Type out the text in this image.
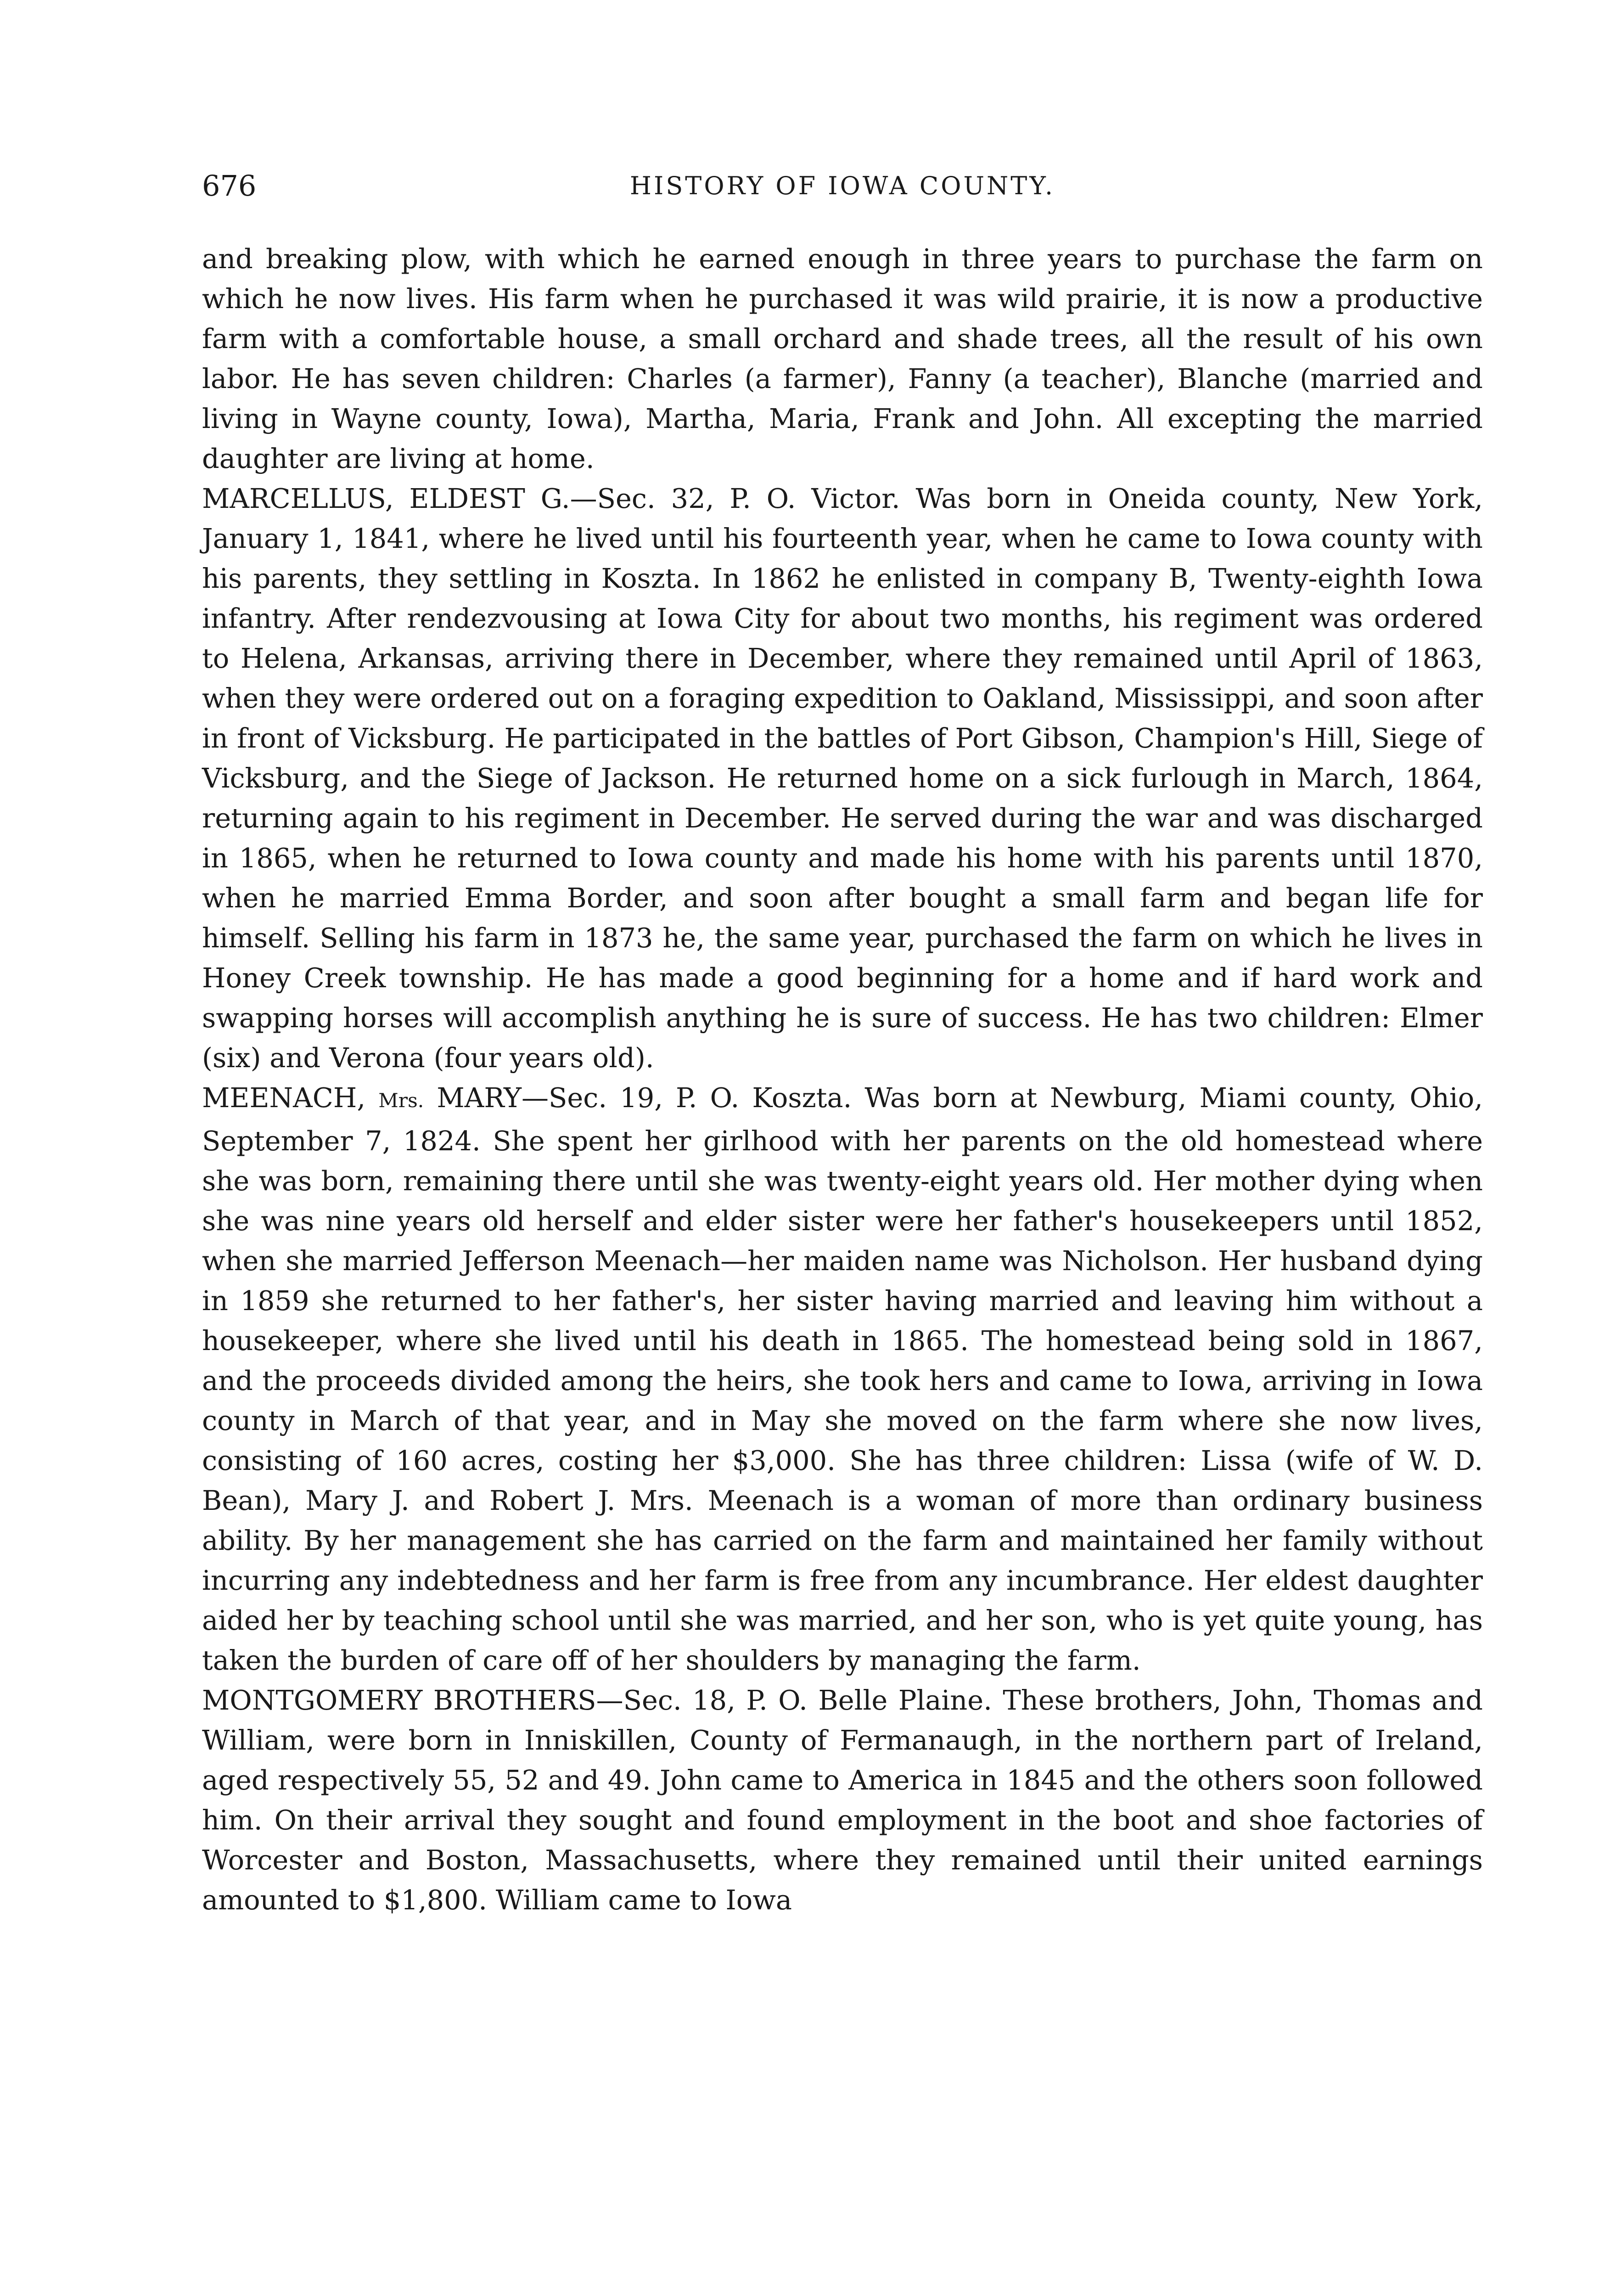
676	HISTORY OF IOWA COUNTY.

and breaking plow, with which he earned enough in three years to purchase the farm on which he now lives. His farm when he purchased it was wild prairie, it is now a productive farm with a comfortable house, a small orchard and shade trees, all the result of his own labor. He has seven children: Charles (a farmer), Fanny (a teacher), Blanche (married and living in Wayne county, Iowa), Martha, Maria, Frank and John. All excepting the married daughter are living at home.

MARCELLUS, ELDEST G.—Sec. 32, P. O. Victor. Was born in Oneida county, New York, January 1, 1841, where he lived until his fourteenth year, when he came to Iowa county with his parents, they settling in Koszta. In 1862 he enlisted in company B, Twenty-eighth Iowa infantry. After rendezvousing at Iowa City for about two months, his regiment was ordered to Helena, Arkansas, arriving there in December, where they remained until April of 1863, when they were ordered out on a foraging expedition to Oakland, Mississippi, and soon after in front of Vicksburg. He participated in the battles of Port Gibson, Champion's Hill, Siege of Vicksburg, and the Siege of Jackson. He returned home on a sick furlough in March, 1864, returning again to his regiment in December. He served during the war and was discharged in 1865, when he returned to Iowa county and made his home with his parents until 1870, when he married Emma Border, and soon after bought a small farm and began life for himself. Selling his farm in 1873 he, the same year, purchased the farm on which he lives in Honey Creek township. He has made a good beginning for a home and if hard work and swapping horses will accomplish anything he is sure of success. He has two children: Elmer (six) and Verona (four years old).

MEENACH, Mrs. MARY—Sec. 19, P. O. Koszta. Was born at Newburg, Miami county, Ohio, September 7, 1824. She spent her girlhood with her parents on the old homestead where she was born, remaining there until she was twenty-eight years old. Her mother dying when she was nine years old herself and elder sister were her father's housekeepers until 1852, when she married Jefferson Meenach—her maiden name was Nicholson. Her husband dying in 1859 she returned to her father's, her sister having married and leaving him without a housekeeper, where she lived until his death in 1865. The homestead being sold in 1867, and the proceeds divided among the heirs, she took hers and came to Iowa, arriving in Iowa county in March of that year, and in May she moved on the farm where she now lives, consisting of 160 acres, costing her $3,000. She has three children: Lissa (wife of W. D. Bean), Mary J. and Robert J. Mrs. Meenach is a woman of more than ordinary business ability. By her management she has carried on the farm and maintained her family without incurring any indebtedness and her farm is free from any incumbrance. Her eldest daughter aided her by teaching school until she was married, and her son, who is yet quite young, has taken the burden of care off of her shoulders by managing the farm.

MONTGOMERY BROTHERS—Sec. 18, P. O. Belle Plaine. These brothers, John, Thomas and William, were born in Inniskillen, County of Fermanaugh, in the northern part of Ireland, aged respectively 55, 52 and 49. John came to America in 1845 and the others soon followed him. On their arrival they sought and found employment in the boot and shoe factories of Worcester and Boston, Massachusetts, where they remained until their united earnings amounted to $1,800. William came to Iowa
